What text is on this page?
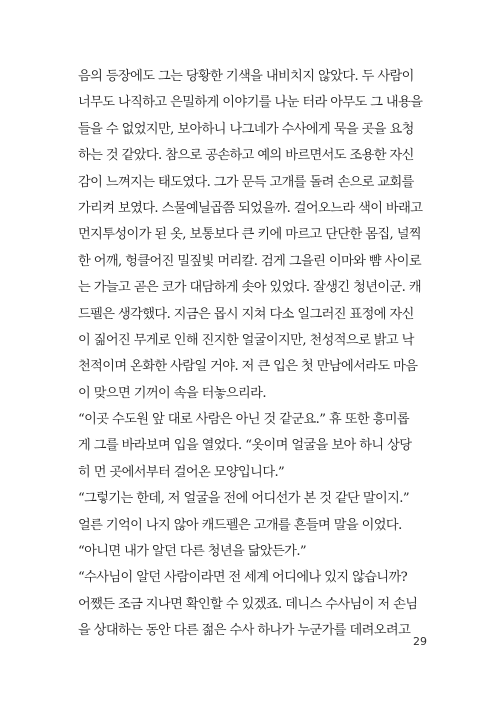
음의 등장에도 그는 당황한 기색을 내비치지 않았다. 두 사람이
너무도 나직하고 은밀하게 이야기를 나눈 터라 아무도 그 내용을
들을 수 없었지만, 보아하니 나그네가 수사에게 묵을 곳을 요청
하는 것 같았다. 참으로 공손하고 예의 바르면서도 조용한 자신
감이 느껴지는 태도였다. 그가 문득 고개를 돌려 손으로 교회를
가리켜 보였다. 스물예닐곱쯤 되었을까. 걸어오느라 색이 바래고
먼지투성이가 된 옷, 보통보다 큰 키에 마르고 단단한 몸집, 널찍
한 어깨, 헝클어진 밀짚빛 머리칼. 검게 그을린 이마와 뺨 사이로
는 가늘고 곧은 코가 대담하게 솟아 있었다. 잘생긴 청년이군. 캐
드펠은 생각했다. 지금은 몹시 지쳐 다소 일그러진 표정에 자신
이 짊어진 무게로 인해 진지한 얼굴이지만, 천성적으로 밝고 낙
천적이며 온화한 사람일 거야. 저 큰 입은 첫 만남에서라도 마음
이 맞으면 기꺼이 속을 터놓으리라.
“이곳 수도원 앞 대로 사람은 아닌 것 같군요.” 휴 또한 흥미롭
게 그를 바라보며 입을 열었다. “옷이며 얼굴을 보아 하니 상당
히 먼 곳에서부터 걸어온 모양입니다.”
“그렇기는 한데, 저 얼굴을 전에 어디선가 본 것 같단 말이지.”
얼른 기억이 나지 않아 캐드펠은 고개를 흔들며 말을 이었다.
“아니면 내가 알던 다른 청년을 닮았든가.”
“수사님이 알던 사람이라면 전 세계 어디에나 있지 않습니까?
어쨌든 조금 지나면 확인할 수 있겠죠. 데니스 수사님이 저 손님
을 상대하는 동안 다른 젊은 수사 하나가 누군가를 데려오려고
29
